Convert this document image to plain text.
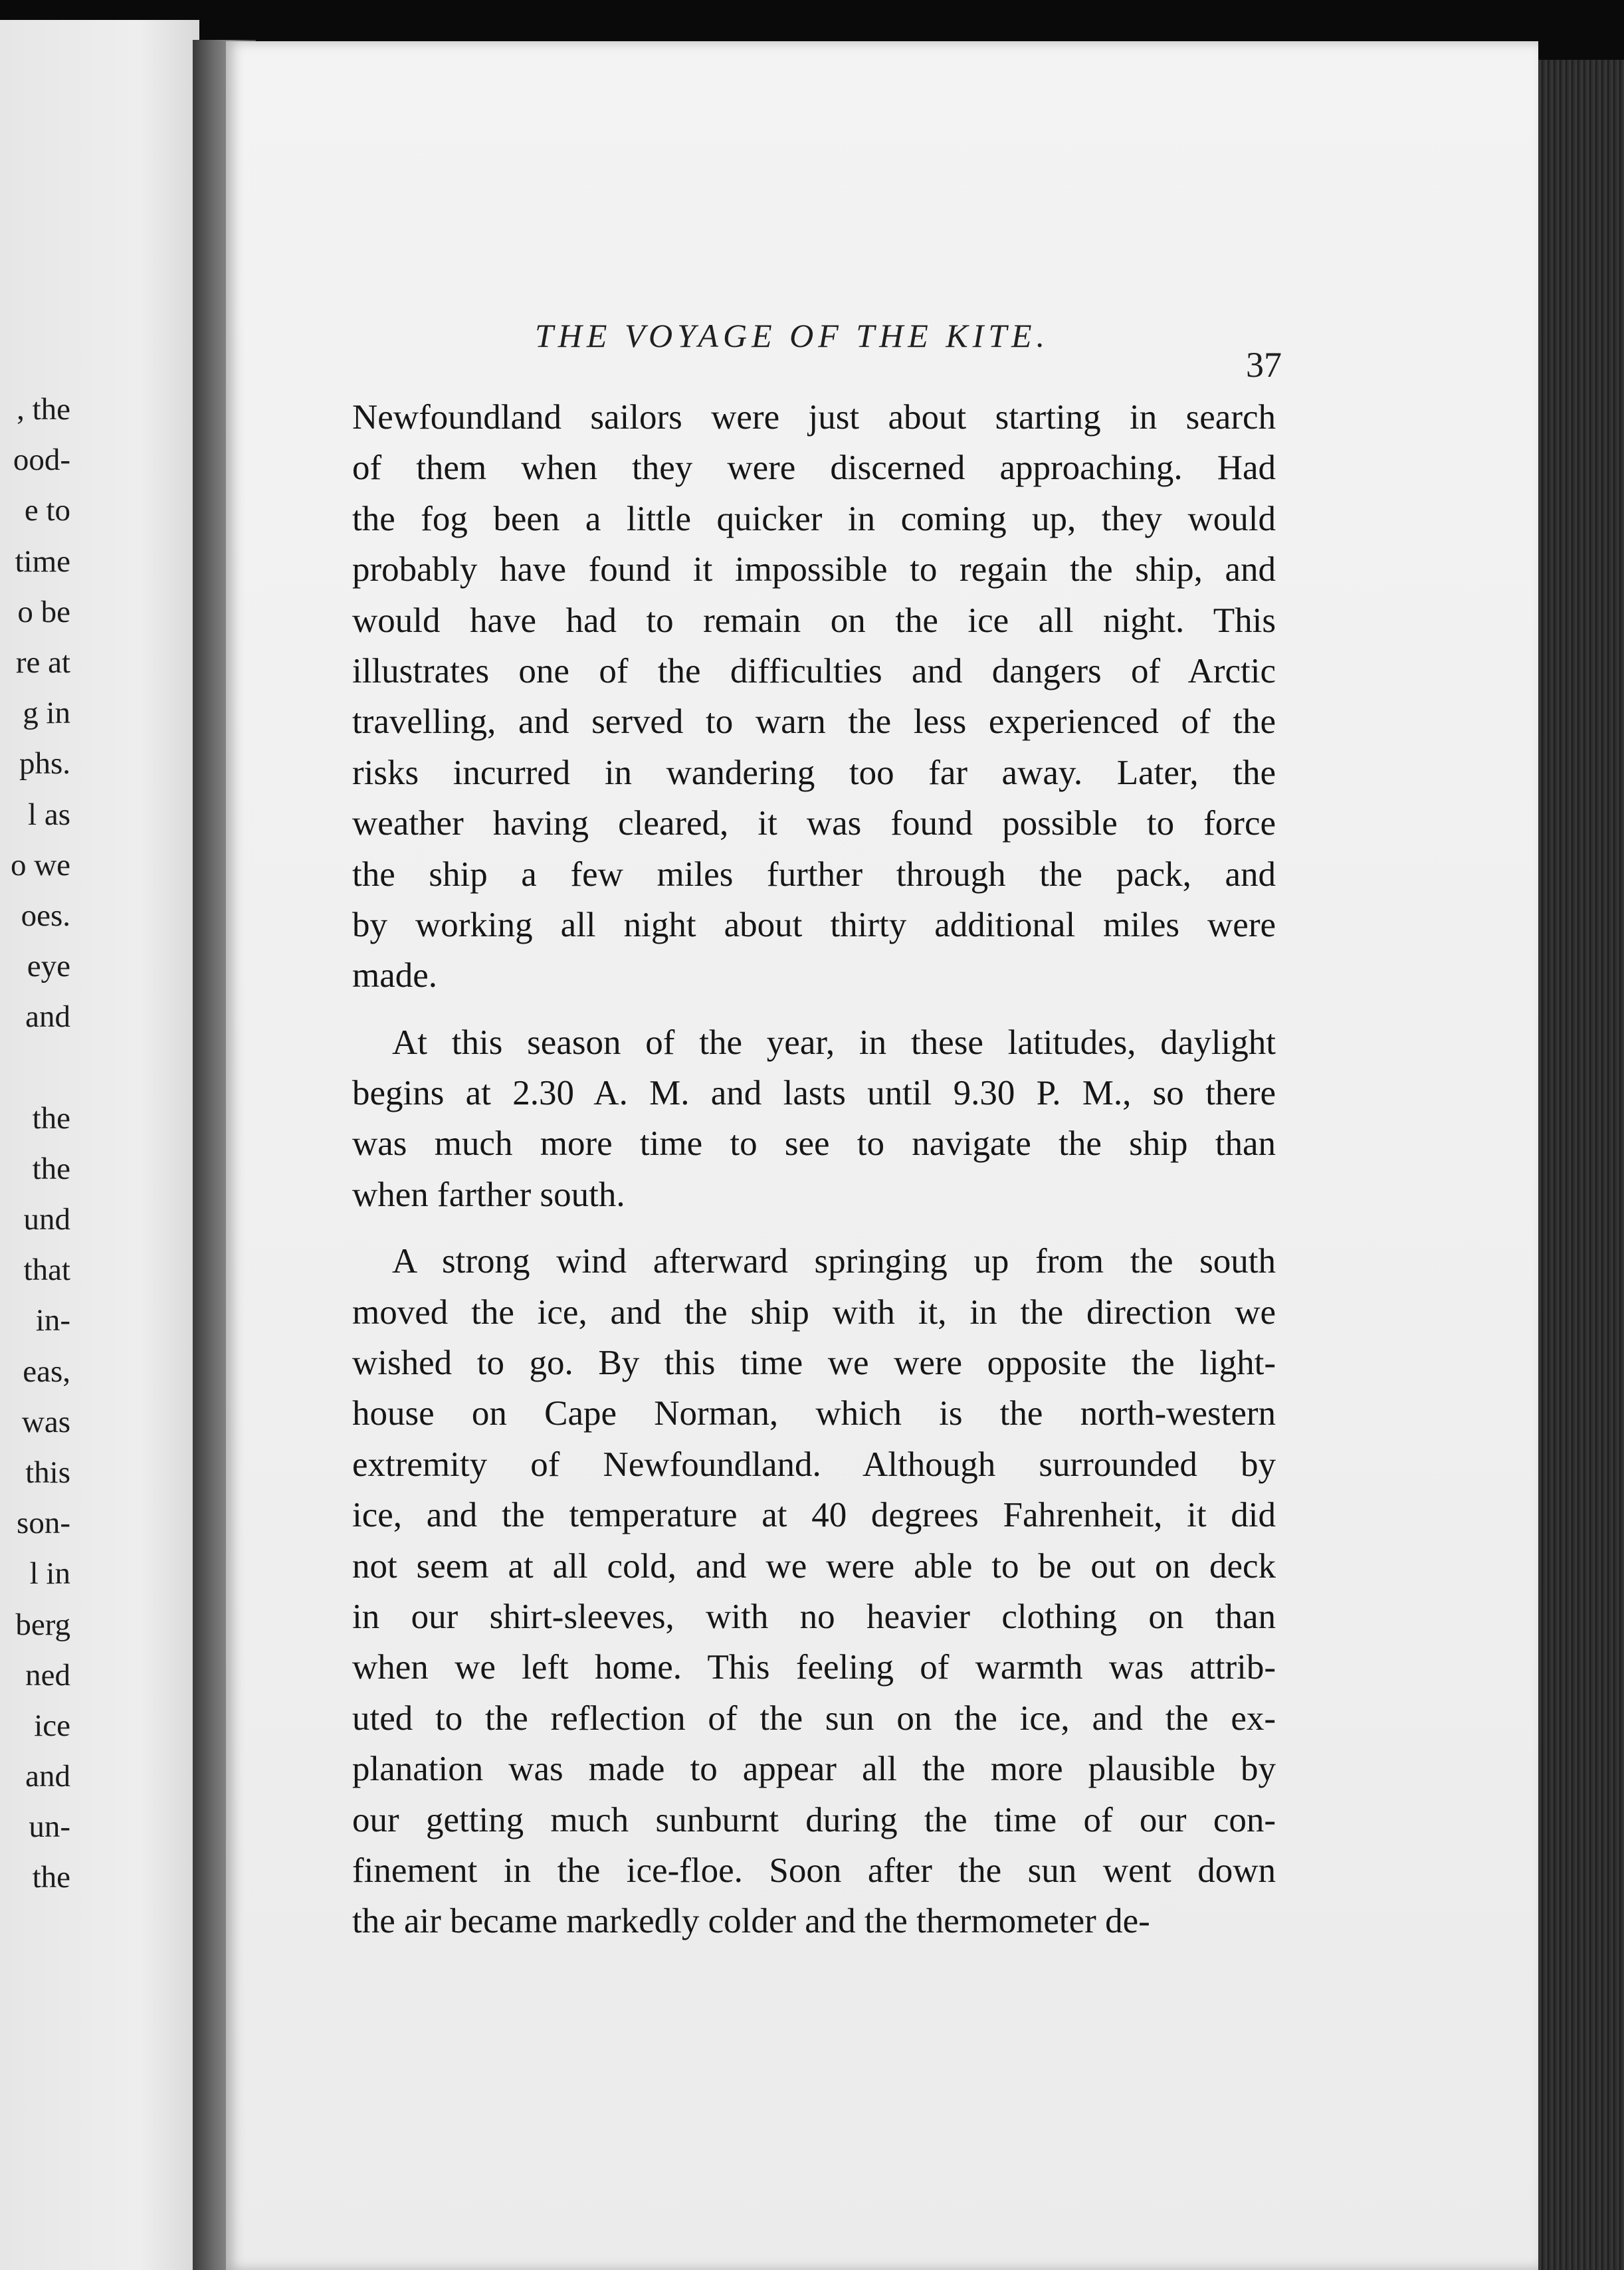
, the
ood-
e to
time
o be
re at
g in
phs.
l as
o we
oes.
eye
and
the
the
und
that
in-
eas,
was
this
son-
l in
berg
ned
ice
and
un-
the
THE VOYAGE OF THE KITE.
37
Newfoundland sailors were just about starting in search
of them when they were discerned approaching. Had
the fog been a little quicker in coming up, they would
probably have found it impossible to regain the ship, and
would have had to remain on the ice all night. This
illustrates one of the difficulties and dangers of Arctic
travelling, and served to warn the less experienced of the
risks incurred in wandering too far away. Later, the
weather having cleared, it was found possible to force
the ship a few miles further through the pack, and
by working all night about thirty additional miles were
made.
At this season of the year, in these latitudes, daylight
begins at 2.30 A. M. and lasts until 9.30 P. M., so there
was much more time to see to navigate the ship than
when farther south.
A strong wind afterward springing up from the south
moved the ice, and the ship with it, in the direction we
wished to go. By this time we were opposite the light-
house on Cape Norman, which is the north-western
extremity of Newfoundland. Although surrounded by
ice, and the temperature at 40 degrees Fahrenheit, it did
not seem at all cold, and we were able to be out on deck
in our shirt-sleeves, with no heavier clothing on than
when we left home. This feeling of warmth was attrib-
uted to the reflection of the sun on the ice, and the ex-
planation was made to appear all the more plausible by
our getting much sunburnt during the time of our con-
finement in the ice-floe. Soon after the sun went down
the air became markedly colder and the thermometer de-
